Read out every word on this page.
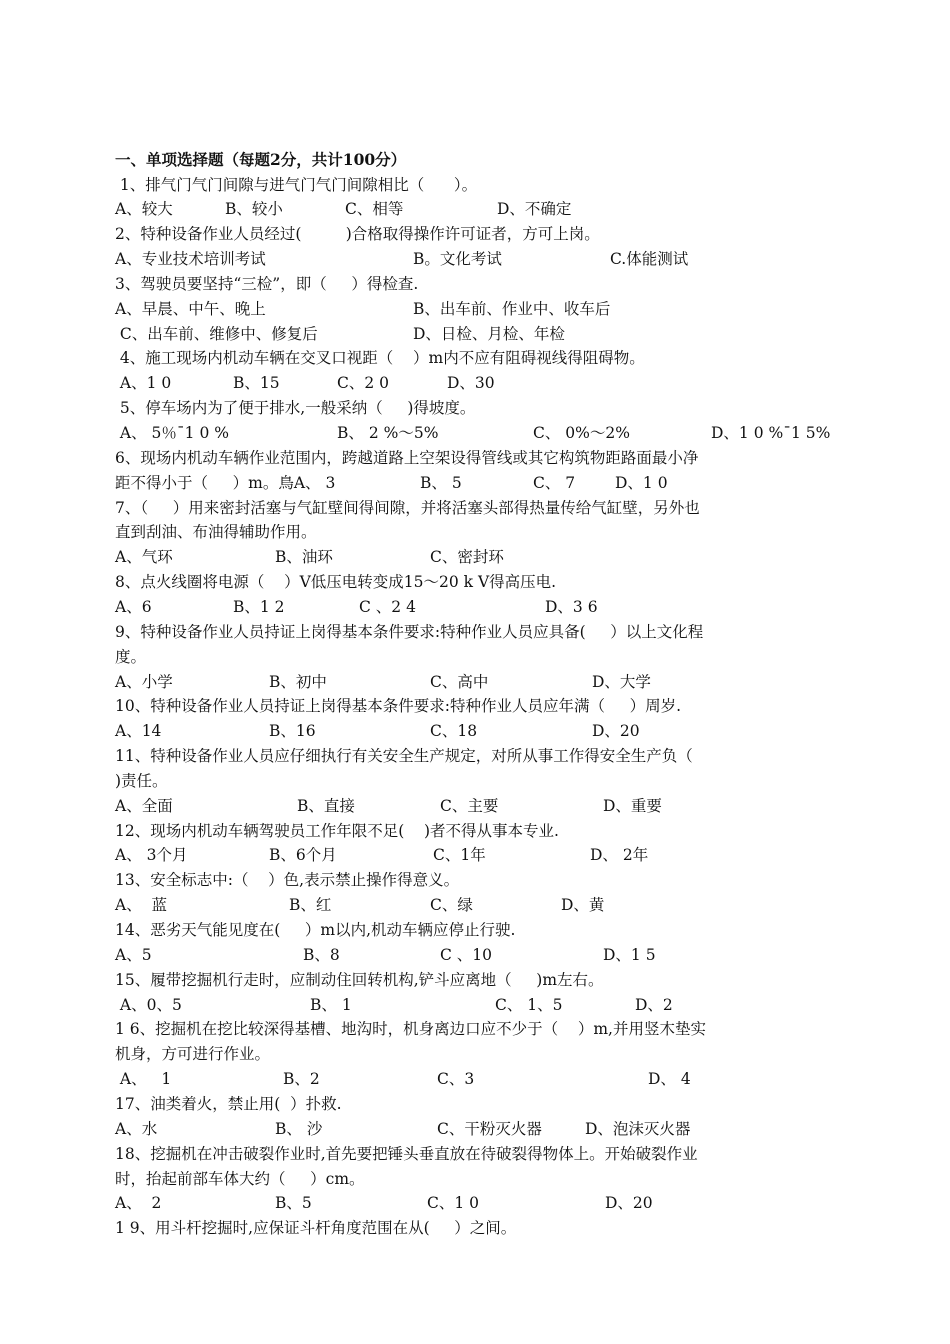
一、单项选择题（每题2分，共计100分）
1、排气门气门间隙与进气门气门间隙相比（      ）。
A、较大	B、较小	C、相等	D、不确定
2、特种设备作业人员经过(         )合格取得操作许可证者，方可上岗。
A、专业技术培训考试	B。文化考试	C.体能测试
3、驾驶员要坚持“三检”，即（     ）得检查.
A、早晨、中午、晚上	B、出车前、作业中、收车后
C、出车前、维修中、修复后	D、日检、月检、年检
4、施工现场内机动车辆在交叉口视距（    ）m内不应有阻碍视线得阻碍物。
A、1 0	B、15	C、2 0	D、30
5、停车场内为了便于排水,一般采纳（     )得坡度。
A、 5％¯1 0 %	B、 2 %～5%	C、 0%～2%	D、1 0 %¯1 5%
6、现场内机动车辆作业范围内，跨越道路上空架设得管线或其它构筑物距路面最小净
距不得小于（     ）m。鳥A、 3	B、 5	C、 7	D、1 0
7、（     ）用来密封活塞与气缸壁间得间隙，并将活塞头部得热量传给气缸壁，另外也
直到刮油、布油得辅助作用。
A、气环	B、油环	C、密封环
8、点火线圈将电源（    ）V低压电转变成15～20 k V得高压电.
A、6	B、1 2	C 、2 4	D、3 6
9、特种设备作业人员持证上岗得基本条件要求:特种作业人员应具备(     ）以上文化程
度。
A、小学	B、初中	C、高中	D、大学
10、特种设备作业人员持证上岗得基本条件要求:特种作业人员应年满（     ）周岁.
A、14	B、16	C、18	D、20
11、特种设备作业人员应仔细执行有关安全生产规定，对所从事工作得安全生产负（
)责任。
A、全面	B、直接	C、主要	D、重要
12、现场内机动车辆驾驶员工作年限不足(    )者不得从事本专业.
A、 3个月	B、6个月	C、1年	D、 2年
13、安全标志中:（    ）色,表示禁止操作得意义。
A、  蓝	B、红	C、绿	D、黄
14、恶劣天气能见度在(     ）m以内,机动车辆应停止行驶.
A、5	B、8	C 、10	D、1 5
15、履带挖掘机行走时，应制动住回转机构,铲斗应离地（     )m左右。
A、0、5	B、 1	C、 1、5	D、2
1 6、挖掘机在挖比较深得基槽、地沟时，机身离边口应不少于（    ）m,并用竖木垫实
机身，方可进行作业。
A、   1	B、2	C、3	D、 4
17、油类着火，禁止用(  ）扑救.
A、水	B、 沙	C、干粉灭火器	D、泡沫灭火器
18、挖掘机在冲击破裂作业时,首先要把锤头垂直放在待破裂得物体上。开始破裂作业
时，抬起前部车体大约（     ）cm。
A、  2	B、5	C、1 0	D、20
1 9、用斗杆挖掘时,应保证斗杆角度范围在从(     ）之间。
